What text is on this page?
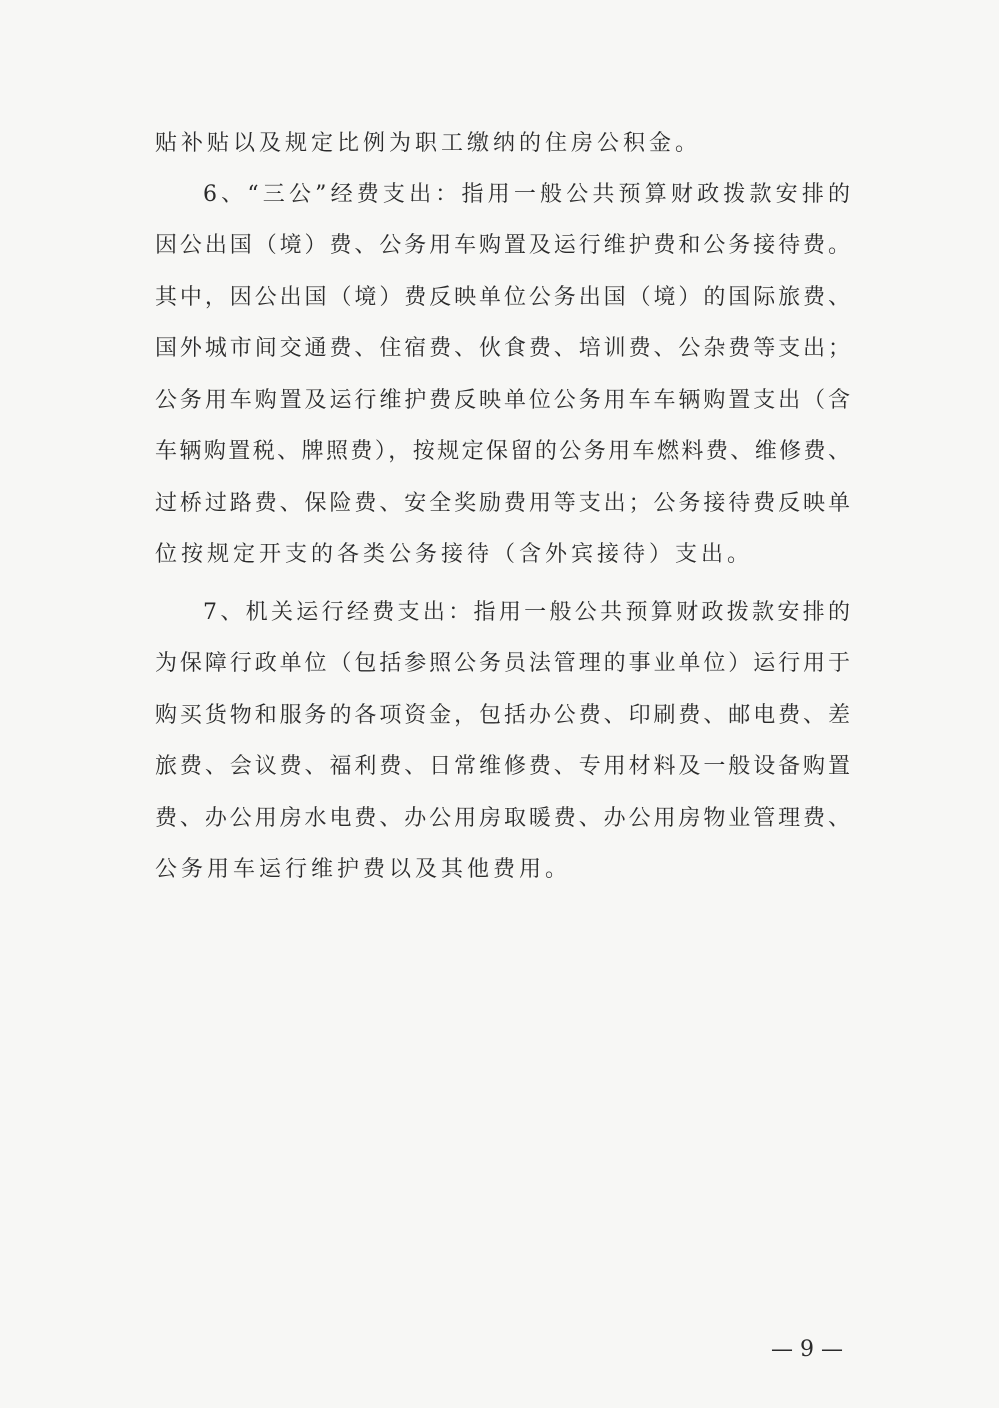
贴补贴以及规定比例为职工缴纳的住房公积金。
6、“三公”经费支出：指用一般公共预算财政拨款安排的
因公出国（境）费、公务用车购置及运行维护费和公务接待费。
其中，因公出国（境）费反映单位公务出国（境）的国际旅费、
国外城市间交通费、住宿费、伙食费、培训费、公杂费等支出；
公务用车购置及运行维护费反映单位公务用车车辆购置支出（含
车辆购置税、牌照费），按规定保留的公务用车燃料费、维修费、
过桥过路费、保险费、安全奖励费用等支出；公务接待费反映单
位按规定开支的各类公务接待（含外宾接待）支出。
7、机关运行经费支出：指用一般公共预算财政拨款安排的
为保障行政单位（包括参照公务员法管理的事业单位）运行用于
购买货物和服务的各项资金，包括办公费、印刷费、邮电费、差
旅费、会议费、福利费、日常维修费、专用材料及一般设备购置
费、办公用房水电费、办公用房取暖费、办公用房物业管理费、
公务用车运行维护费以及其他费用。
— 9 —
